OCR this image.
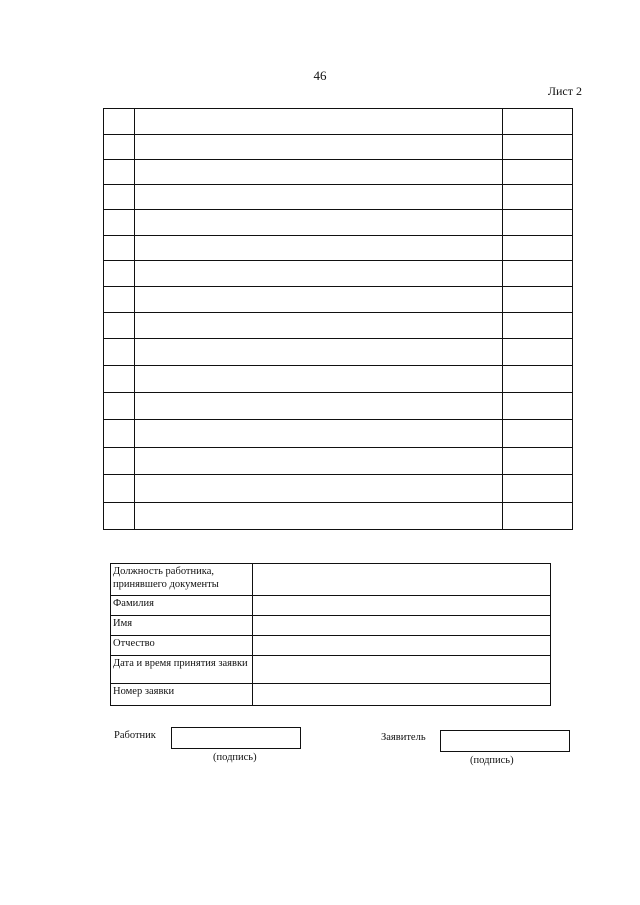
46
Лист 2
Должность работника, принявшего документы	
Фамилия	
Имя	
Отчество	
Дата и время принятия заявки	
Номер заявки	
Работник
(подпись)
Заявитель
(подпись)
